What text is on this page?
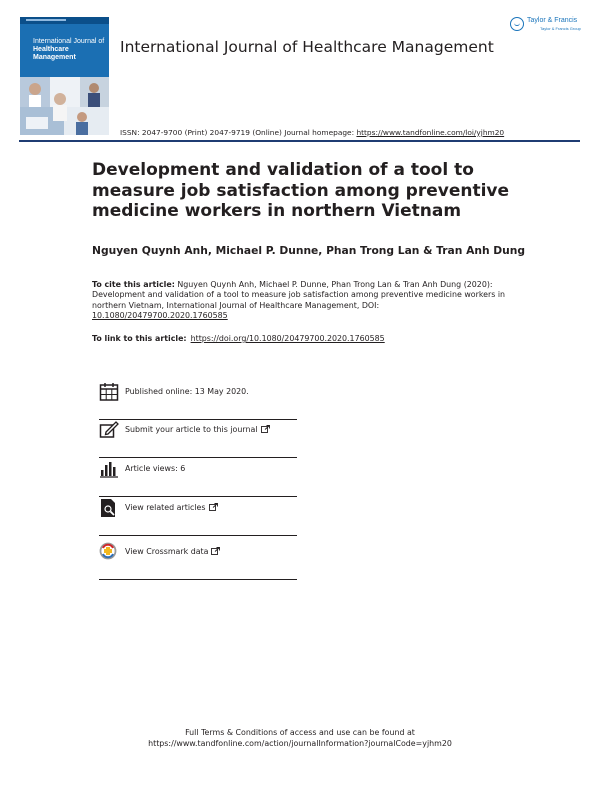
International Journal of
Healthcare Management
Taylor & Francis
Taylor & Francis Group
International Journal of Healthcare Management
ISSN: 2047-9700 (Print) 2047-9719 (Online) Journal homepage: https://www.tandfonline.com/loi/yjhm20
Development and validation of a tool to measure job satisfaction among preventive medicine workers in northern Vietnam
Nguyen Quynh Anh, Michael P. Dunne, Phan Trong Lan & Tran Anh Dung
To cite this article: Nguyen Quynh Anh, Michael P. Dunne, Phan Trong Lan & Tran Anh Dung (2020): Development and validation of a tool to measure job satisfaction among preventive medicine workers in northern Vietnam, International Journal of Healthcare Management, DOI: 10.1080/20479700.2020.1760585
To link to this article: https://doi.org/10.1080/20479700.2020.1760585
Published online: 13 May 2020.
Submit your article to this journal
Article views: 6
View related articles
View Crossmark data
Full Terms & Conditions of access and use can be found at
https://www.tandfonline.com/action/journalInformation?journalCode=yjhm20
